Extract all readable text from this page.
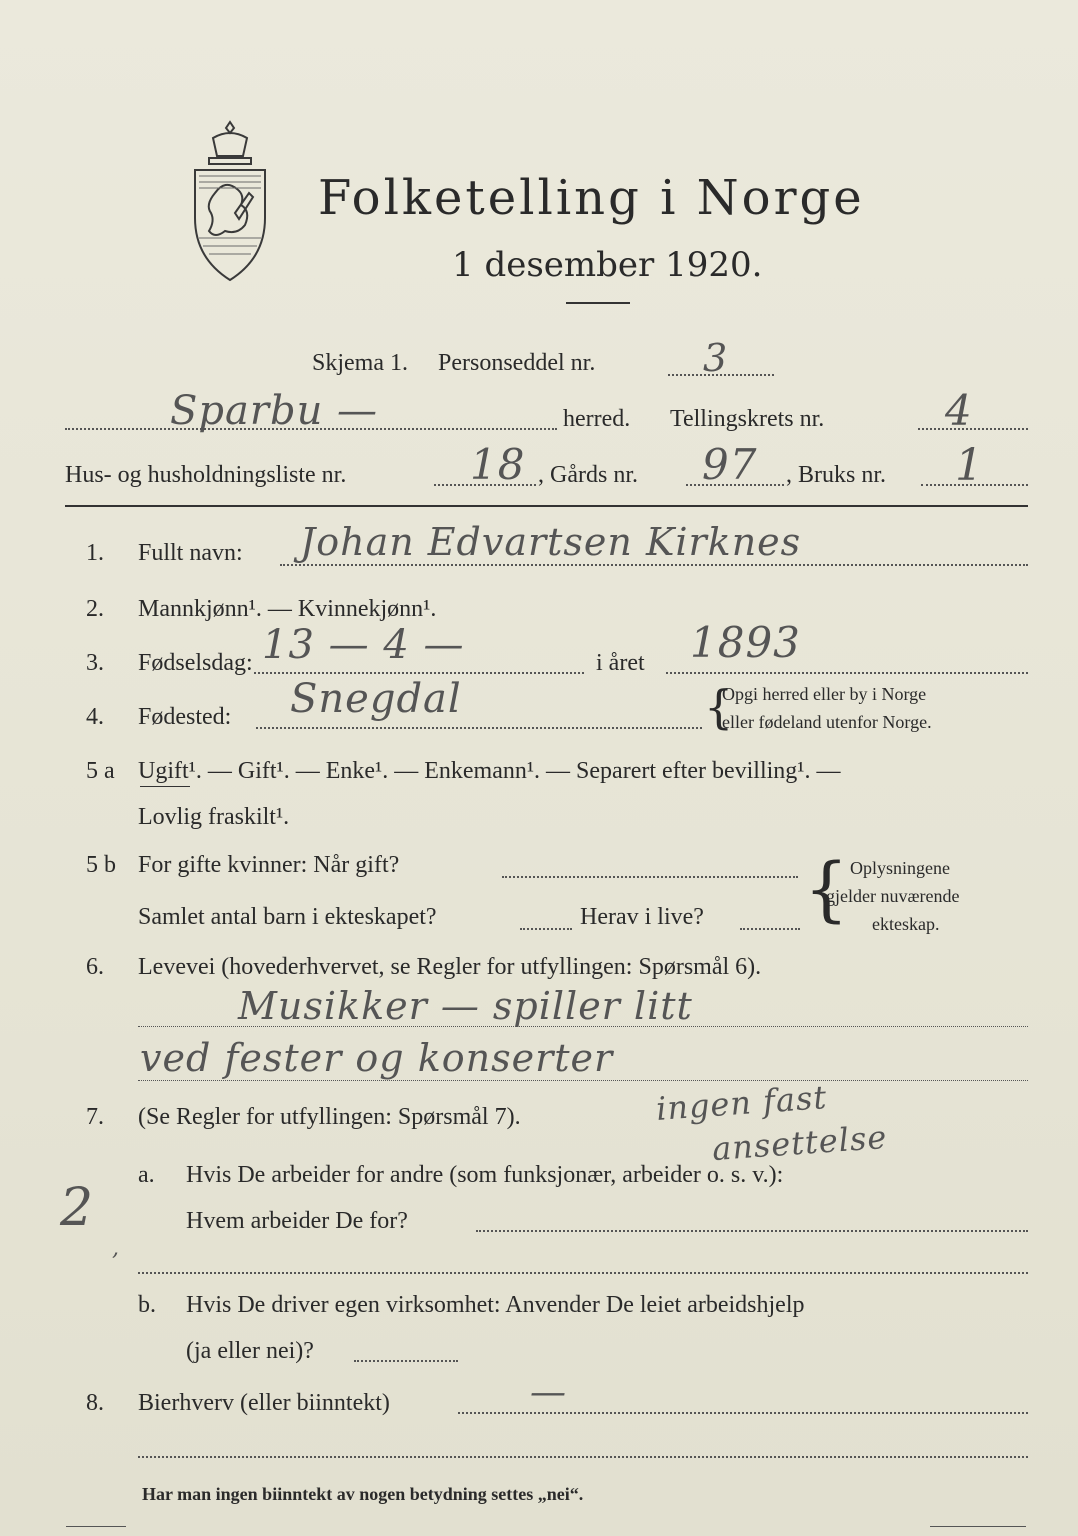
Folketelling i Norge
1 desember 1920.
Skjema 1. Personseddel nr.	3
Sparbu —	herred. Tellingskrets nr.	4
Hus- og husholdningsliste nr.	18 , Gårds nr. 97 , Bruks nr. 1
1. Fullt navn: Johan Edvartsen Kirknes
2. Mannkjønn¹. — Kvinnekjønn¹.
3. Fødselsdag: 13 — 4 —	i året 1893
4. Fødested: Snegdal	{
Opgi herred eller by i Norge
eller fødeland utenfor Norge.
5 a Ugift¹. — Gift¹. — Enke¹. — Enkemann¹. — Separert efter bevilling¹. —
Lovlig fraskilt¹.
5 b For gifte kvinner: Når gift?
Samlet antal barn i ekteskapet?	Herav i live? { Oplysningene
gjelder nuværende
ekteskap.
6. Levevei (hovederhvervet, se Regler for utfyllingen: Spørsmål 6).
Musikker — spiller litt
ved fester og konserter
7. (Se Regler for utfyllingen: Spørsmål 7).	ingen fast
ansettelse
2
,
a. Hvis De arbeider for andre (som funksjonær, arbeider o. s. v.):
Hvem arbeider De for?
b. Hvis De driver egen virksomhet: Anvender De leiet arbeidshjelp
(ja eller nei)?
8. Bierhverv (eller biinntekt)	—
Har man ingen biinntekt av nogen betydning settes „nei“.
